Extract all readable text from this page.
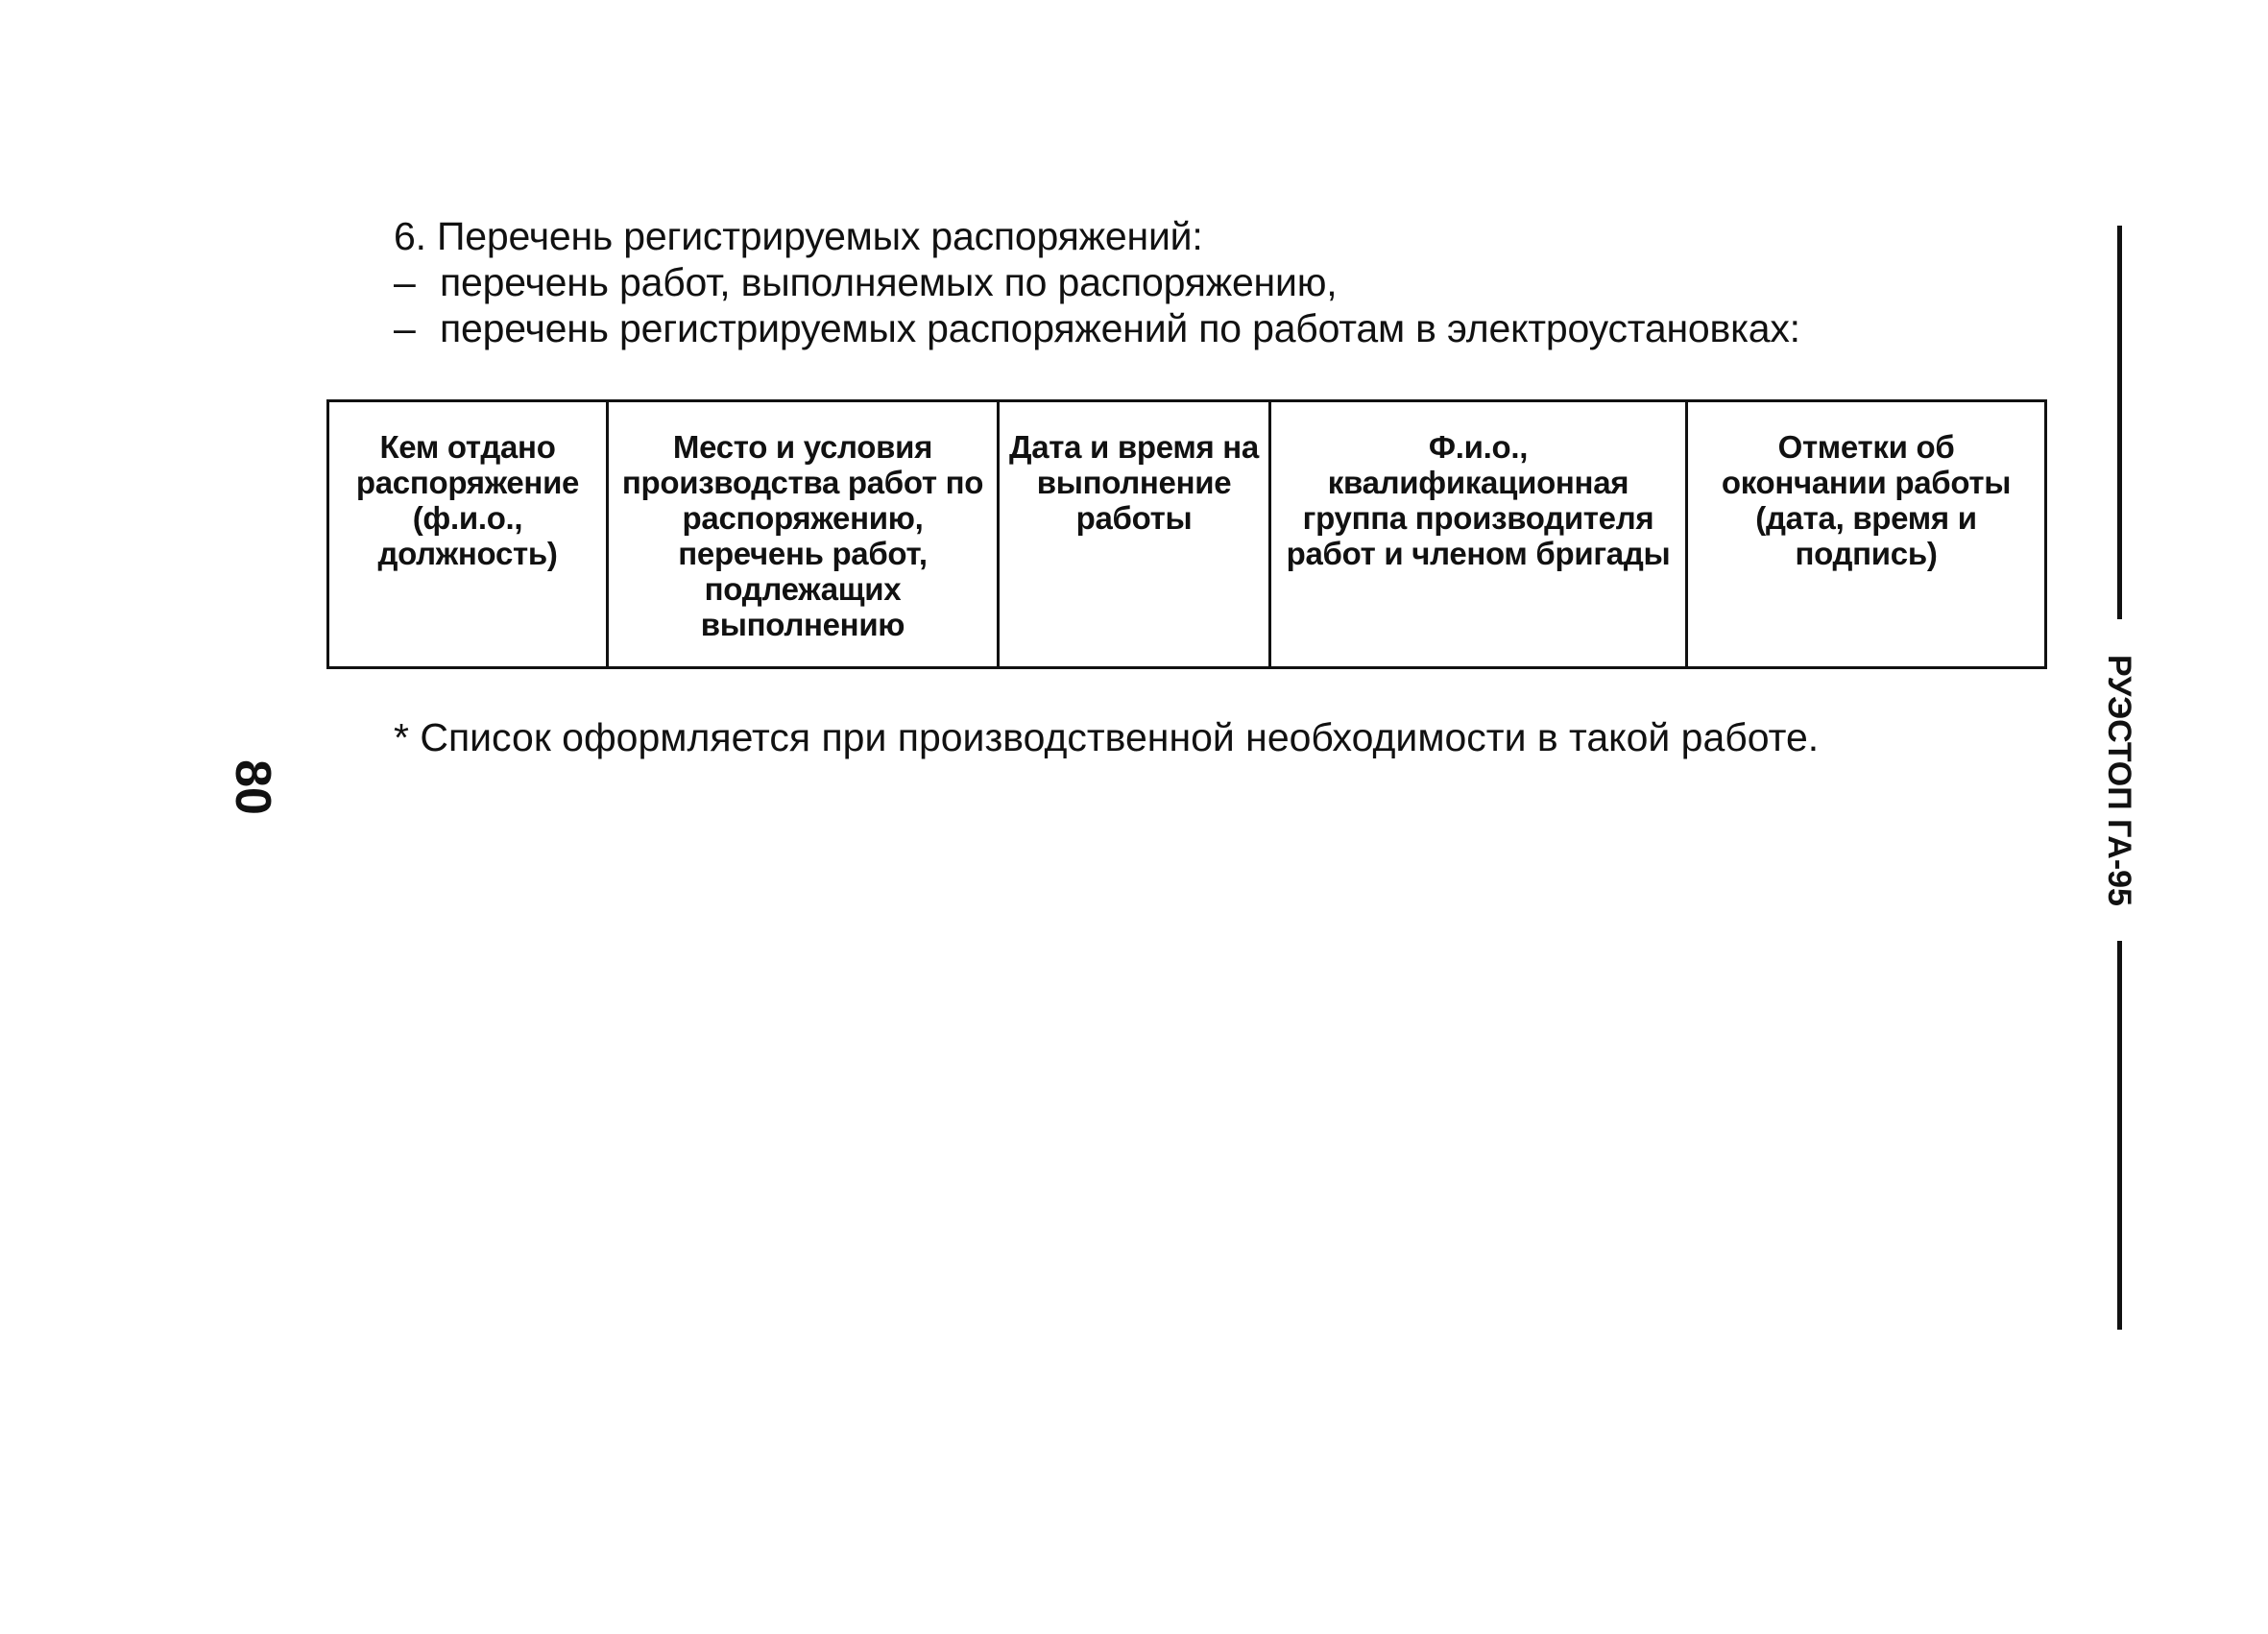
6. Перечень регистрируемых распоряжений:
– перечень работ, выполняемых по распоряжению,
– перечень регистрируемых распоряжений по работам в электроустановках:
Кем отдано распоряжение (ф.и.о., должность)	Место и условия производства работ по распоряжению, перечень работ, подлежащих выполнению	Дата и время на выполнение работы	Ф.и.о., квалификационная группа производителя работ и членом бригады	Отметки об окончании работы (дата, время и подпись)
* Список оформляется при производственной необходимости в такой работе.
80	РУЭСТОП ГА-95
